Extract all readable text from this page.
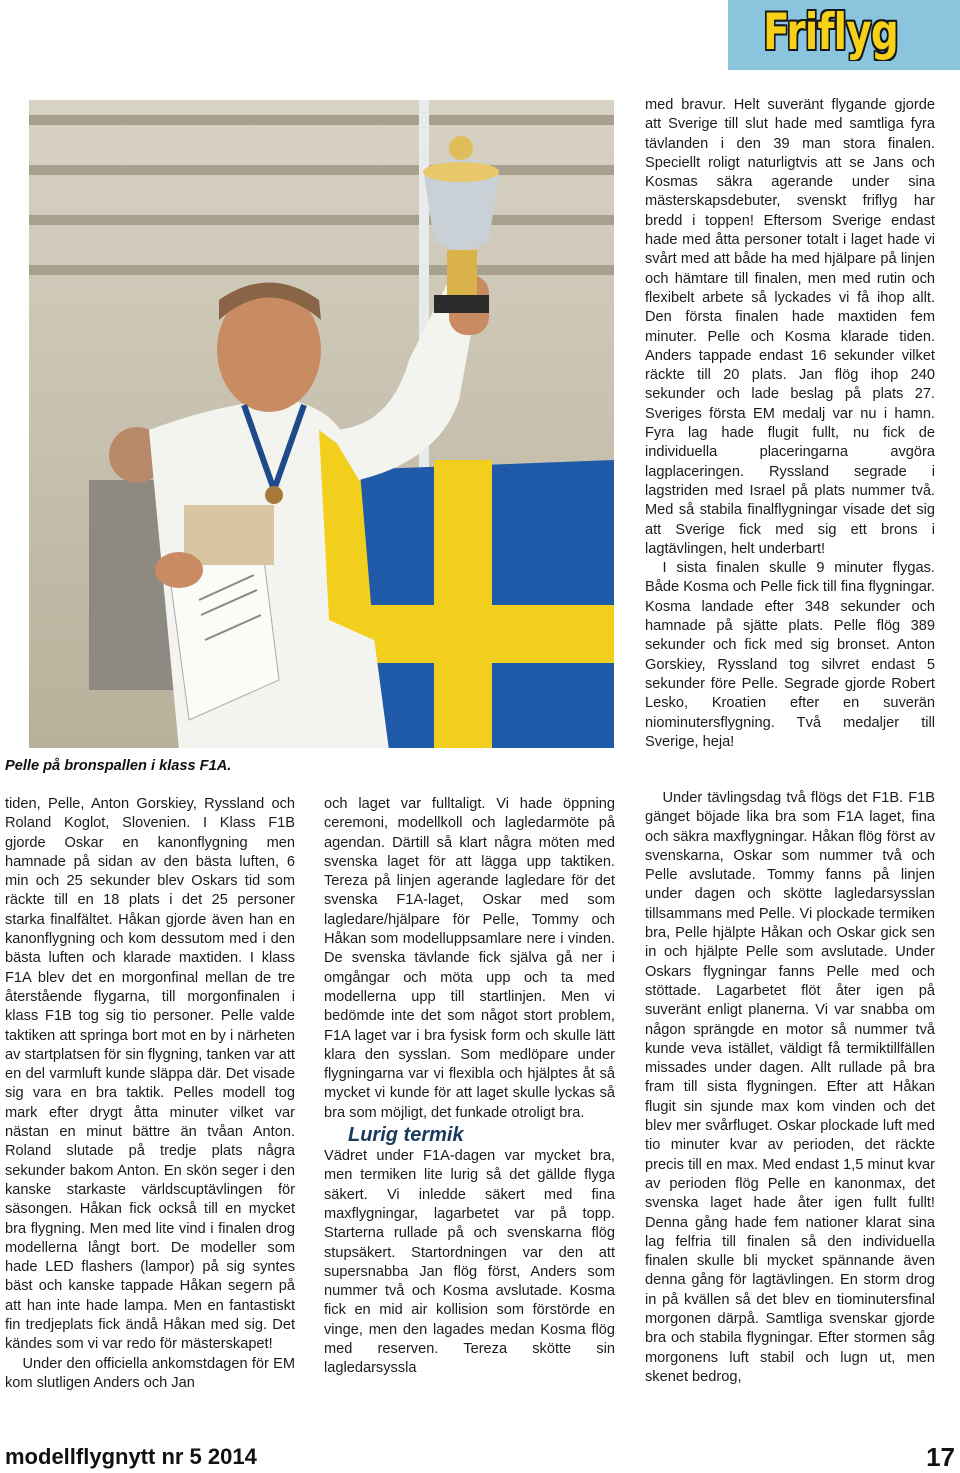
Friflyg
Pelle på bronspallen i klass F1A.

med bravur. Helt suveränt flygande gjorde att Sverige till slut hade med samtliga fyra tävlanden i den 39 man stora finalen. Speciellt roligt naturligtvis att se Jans och Kosmas säkra agerande under sina mästerskapsdebuter, svenskt friflyg har bredd i toppen! Eftersom Sverige endast hade med åtta personer totalt i laget hade vi svårt med att både ha med hjälpare på linjen och hämtare till finalen, men med rutin och flexibelt arbete så lyckades vi få ihop allt. Den första finalen hade maxtiden fem minuter. Pelle och Kosma klarade tiden. Anders tappade endast 16 sekunder vilket räckte till 20 plats. Jan flög ihop 240 sekunder och lade beslag på plats 27. Sveriges första EM medalj var nu i hamn. Fyra lag hade flugit fullt, nu fick de individuella placeringarna avgöra lagplaceringen. Ryssland segrade i lagstriden med Israel på plats nummer två. Med så stabila finalflygningar visade det sig att Sverige fick med sig ett brons i lagtävlingen, helt underbart!

I sista finalen skulle 9 minuter flygas. Både Kosma och Pelle fick till fina flygningar. Kosma landade efter 348 sekunder och hamnade på sjätte plats. Pelle flög 389 sekunder och fick med sig bronset. Anton Gorskiey, Ryssland tog silvret endast 5 sekunder före Pelle. Segrade gjorde Robert Lesko, Kroatien efter en suverän niominutersflygning. Två medaljer till Sverige, heja!

tiden, Pelle, Anton Gorskiey, Ryssland och Roland Koglot, Slovenien. I Klass F1B gjorde Oskar en kanonflygning men hamnade på sidan av den bästa luften, 6 min och 25 sekunder blev Oskars tid som räckte till en 18 plats i det 25 personer starka finalfältet. Håkan gjorde även han en kanonflygning och kom dessutom med i den bästa luften och klarade maxtiden. I klass F1A blev det en morgonfinal mellan de tre återstående flygarna, till morgonfinalen i klass F1B tog sig tio personer. Pelle valde taktiken att springa bort mot en by i närheten av startplatsen för sin flygning, tanken var att en del varmluft kunde släppa där. Det visade sig vara en bra taktik. Pelles modell tog mark efter drygt åtta minuter vilket var nästan en minut bättre än tvåan Anton. Roland slutade på tredje plats några sekunder bakom Anton. En skön seger i den kanske starkaste världscuptävlingen för säsongen. Håkan fick också till en mycket bra flygning. Men med lite vind i finalen drog modellerna långt bort. De modeller som hade LED flashers (lampor) på sig syntes bäst och kanske tappade Håkan segern på att han inte hade lampa. Men en fantastiskt fin tredjeplats fick ändå Håkan med sig. Det kändes som vi var redo för mästerskapet!

Under den officiella ankomstdagen för EM kom slutligen Anders och Jan

och laget var fulltaligt. Vi hade öppning ceremoni, modellkoll och lagledarmöte på agendan. Därtill så klart några möten med svenska laget för att lägga upp taktiken. Tereza på linjen agerande lagledare för det svenska F1A-laget, Oskar med som lagledare/hjälpare för Pelle, Tommy och Håkan som modelluppsamlare nere i vinden. De svenska tävlande fick själva gå ner i omgångar och möta upp och ta med modellerna upp till startlinjen. Men vi bedömde inte det som något stort problem, F1A laget var i bra fysisk form och skulle lätt klara den sysslan. Som medlöpare under flygningarna var vi flexibla och hjälptes åt så mycket vi kunde för att laget skulle lyckas så bra som möjligt, det funkade otroligt bra.

Lurig termik

Vädret under F1A-dagen var mycket bra, men termiken lite lurig så det gällde flyga säkert. Vi inledde säkert med fina maxflygningar, lagarbetet var på topp. Starterna rullade på och svenskarna flög stupsäkert. Startordningen var den att supersnabba Jan flög först, Anders som nummer två och Kosma avslutade. Kosma fick en mid air kollision som förstörde en vinge, men den lagades medan Kosma flög med reserven. Tereza skötte sin lagledarsyssla

Under tävlingsdag två flögs det F1B. F1B gänget böjade lika bra som F1A laget, fina och säkra maxflygningar. Håkan flög först av svenskarna, Oskar som nummer två och Pelle avslutade. Tommy fanns på linjen under dagen och skötte lagledarsysslan tillsammans med Pelle. Vi plockade termiken bra, Pelle hjälpte Håkan och Oskar gick sen in och hjälpte Pelle som avslutade. Under Oskars flygningar fanns Pelle med och stöttade. Lagarbetet flöt åter igen på suveränt enligt planerna. Vi var snabba om någon sprängde en motor så nummer två kunde veva istället, väldigt få termiktillfällen missades under dagen. Allt rullade på bra fram till sista flygningen. Efter att Håkan flugit sin sjunde max kom vinden och det blev mer svårfluget. Oskar plockade luft med tio minuter kvar av perioden, det räckte precis till en max. Med endast 1,5 minut kvar av perioden flög Pelle en kanonmax, det svenska laget hade åter igen fullt fullt! Denna gång hade fem nationer klarat sina lag felfria till finalen så den individuella finalen skulle bli mycket spännande även denna gång för lagtävlingen. En storm drog in på kvällen så det blev en tiominutersfinal morgonen därpå. Samtliga svenskar gjorde bra och stabila flygningar. Efter stormen såg morgonens luft stabil och lugn ut, men skenet bedrog,

modellflygnytt nr 5 2014	17
